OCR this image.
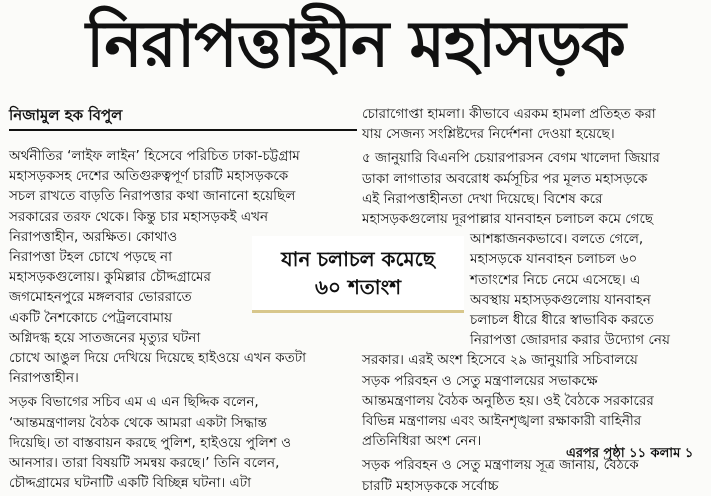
নিরাপত্তাহীন মহাসড়ক
নিজামুল হক বিপুল
অর্থনীতির ‘লাইফ লাইন’ হিসেবে পরিচিত ঢাকা-চট্টগ্রাম
মহাসড়কসহ দেশের অতিগুরুত্বপূর্ণ চারটি মহাসড়ককে
সচল রাখতে বাড়তি নিরাপত্তার কথা জানানো হয়েছিল
সরকারের তরফ থেকে। কিন্তু চার মহাসড়কই এখন
নিরাপত্তাহীন, অরক্ষিত। কোথাও
নিরাপত্তা টহল চোখে পড়ছে না
মহাসড়কগুলোয়। কুমিল্লার চৌদ্দগ্রামের
জগমোহনপুরে মঙ্গলবার ভোররাতে
একটি নৈশকোচে পেট্রলবোমায়
অগ্নিদগ্ধ হয়ে সাতজনের মৃত্যুর ঘটনা
চোখে আঙুল দিয়ে দেখিয়ে দিয়েছে হাইওয়ে এখন কতটা
নিরাপত্তাহীন।
সড়ক বিভাগের সচিব এম এ এন ছিদ্দিক বলেন,
‘আন্তমন্ত্রণালয় বৈঠক থেকে আমরা একটা সিদ্ধান্ত
দিয়েছি। তা বাস্তবায়ন করছে পুলিশ, হাইওয়ে পুলিশ ও
আনসার। তারা বিষয়টি সমন্বয় করছে।’ তিনি বলেন,
চৌদ্দগ্রামের ঘটনাটি একটি বিচ্ছিন্ন ঘটনা। এটা
চোরাগোপ্তা হামলা। কীভাবে এরকম হামলা প্রতিহত করা
যায় সেজন্য সংশ্লিষ্টদের নির্দেশনা দেওয়া হয়েছে।
৫ জানুয়ারি বিএনপি চেয়ারপারসন বেগম খালেদা জিয়ার
ডাকা লাগাতার অবরোধ কর্মসূচির পর মূলত মহাসড়কে
এই নিরাপত্তাহীনতা দেখা দিয়েছে। বিশেষ করে
মহাসড়কগুলোয় দূরপাল্লার যানবাহন চলাচল কমে গেছে
আশঙ্কাজনকভাবে। বলতে গেলে,
মহাসড়কে যানবাহন চলাচল ৬০
শতাংশের নিচে নেমে এসেছে। এ
অবস্থায় মহাসড়কগুলোয় যানবাহন
চলাচল ধীরে ধীরে স্বাভাবিক করতে
নিরাপত্তা জোরদার করার উদ্যোগ নেয়
সরকার। এরই অংশ হিসেবে ২৯ জানুয়ারি সচিবালয়ে
সড়ক পরিবহন ও সেতু মন্ত্রণালয়ের সভাকক্ষে
আন্তমন্ত্রণালয় বৈঠক অনুষ্ঠিত হয়। ওই বৈঠকে সরকারের
বিভিন্ন মন্ত্রণালয় এবং আইনশৃঙ্খলা রক্ষাকারী বাহিনীর
প্রতিনিধিরা অংশ নেন।
সড়ক পরিবহন ও সেতু মন্ত্রণালয় সূত্র জানায়, বৈঠকে
চারটি মহাসড়ককে সর্বোচ্চ
যান চলাচল কমেছে
৬০ শতাংশ
এরপর পৃষ্ঠা ১১ কলাম ১
